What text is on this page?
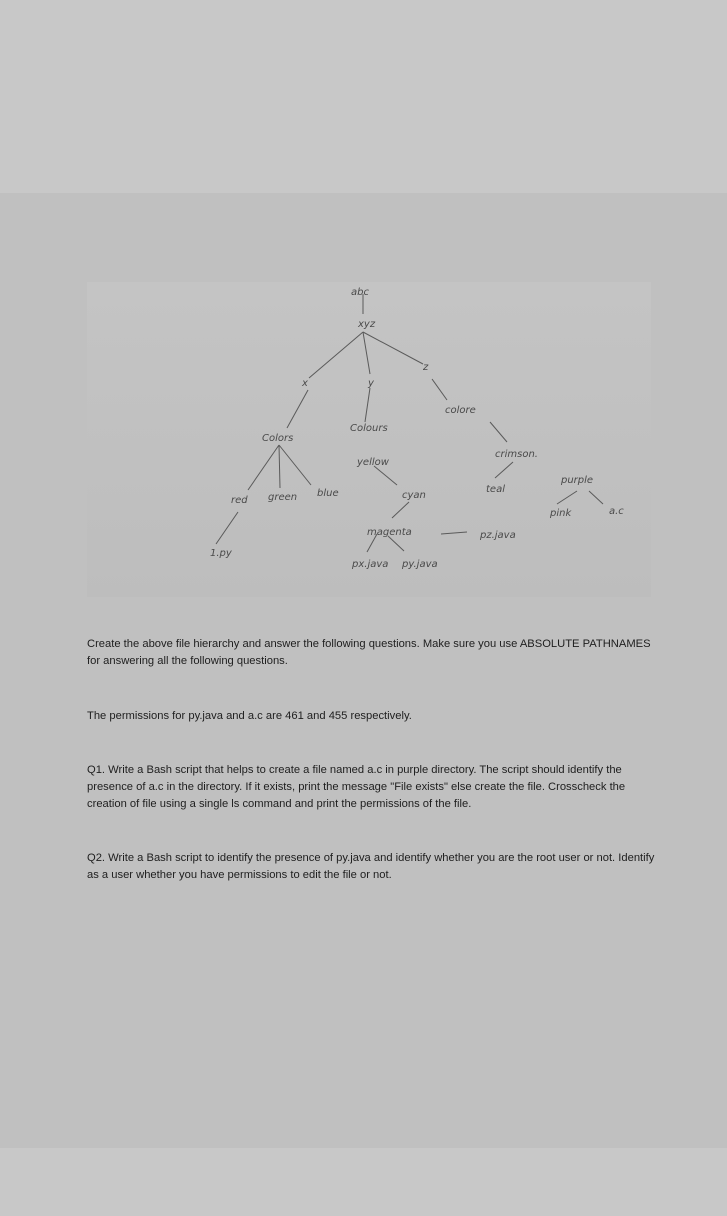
abc
xyz
x	y
z
Colors
Colours
colore
red green blue
1.py
yellow
cyan
magenta
px.java py.java
pz.java
crimson.
teal
purple
pink	a.c

Create the above file hierarchy and answer the following questions. Make sure you use ABSOLUTE PATHNAMES for answering all the following questions.

The permissions for py.java and a.c are 461 and 455 respectively.

Q1. Write a Bash script that helps to create a file named a.c in purple directory. The script should identify the presence of a.c in the directory. If it exists, print the message "File exists" else create the file. Crosscheck the creation of file using a single ls command and print the permissions of the file.

Q2. Write a Bash script to identify the presence of py.java and identify whether you are the root user or not. Identify as a user whether you have permissions to edit the file or not.
